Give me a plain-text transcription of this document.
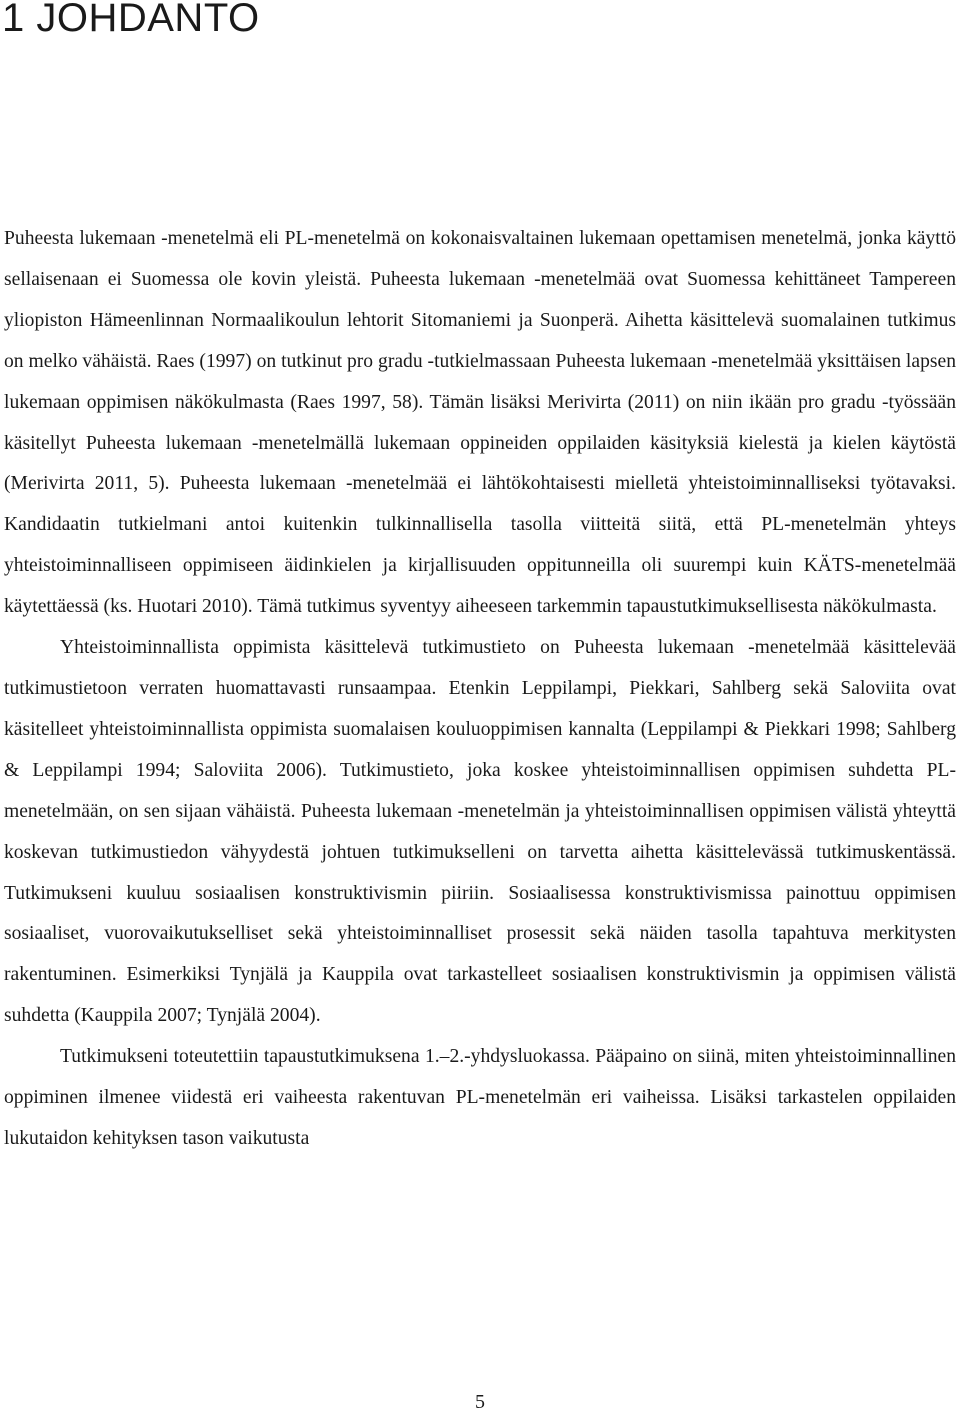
1 JOHDANTO

Puheesta lukemaan -menetelmä eli PL-menetelmä on kokonaisvaltainen lukemaan opettamisen menetelmä, jonka käyttö sellaisenaan ei Suomessa ole kovin yleistä. Puheesta lukemaan -menetelmää ovat Suomessa kehittäneet Tampereen yliopiston Hämeenlinnan Normaalikoulun lehtorit Sitomaniemi ja Suonperä. Aihetta käsittelevä suomalainen tutkimus on melko vähäistä. Raes (1997) on tutkinut pro gradu -tutkielmassaan Puheesta lukemaan -menetelmää yksittäisen lapsen lukemaan oppimisen näkökulmasta (Raes 1997, 58). Tämän lisäksi Merivirta (2011) on niin ikään pro gradu -työssään käsitellyt Puheesta lukemaan -menetelmällä lukemaan oppineiden oppilaiden käsityksiä kielestä ja kielen käytöstä (Merivirta 2011, 5). Puheesta lukemaan -menetelmää ei lähtökohtaisesti mielletä yhteistoiminnalliseksi työtavaksi. Kandidaatin tutkielmani antoi kuitenkin tulkinnallisella tasolla viitteitä siitä, että PL-menetelmän yhteys yhteistoiminnalliseen oppimiseen äidinkielen ja kirjallisuuden oppitunneilla oli suurempi kuin KÄTS-menetelmää käytettäessä (ks. Huotari 2010). Tämä tutkimus syventyy aiheeseen tarkemmin tapaustutkimuksellisesta näkökulmasta.

Yhteistoiminnallista oppimista käsittelevä tutkimustieto on Puheesta lukemaan -menetelmää käsittelevää tutkimustietoon verraten huomattavasti runsaampaa. Etenkin Leppilampi, Piekkari, Sahlberg sekä Saloviita ovat käsitelleet yhteistoiminnallista oppimista suomalaisen kouluoppimisen kannalta (Leppilampi & Piekkari 1998; Sahlberg & Leppilampi 1994; Saloviita 2006). Tutkimustieto, joka koskee yhteistoiminnallisen oppimisen suhdetta PL-menetelmään, on sen sijaan vähäistä. Puheesta lukemaan -menetelmän ja yhteistoiminnallisen oppimisen välistä yhteyttä koskevan tutkimustiedon vähyydestä johtuen tutkimukselleni on tarvetta aihetta käsittelevässä tutkimuskentässä. Tutkimukseni kuuluu sosiaalisen konstruktivismin piiriin. Sosiaalisessa konstruktivismissa painottuu oppimisen sosiaaliset, vuorovaikutukselliset sekä yhteistoiminnalliset prosessit sekä näiden tasolla tapahtuva merkitysten rakentuminen. Esimerkiksi Tynjälä ja Kauppila ovat tarkastelleet sosiaalisen konstruktivismin ja oppimisen välistä suhdetta (Kauppila 2007; Tynjälä 2004).

Tutkimukseni toteutettiin tapaustutkimuksena 1.‒2.-yhdysluokassa. Pääpaino on siinä, miten yhteistoiminnallinen oppiminen ilmenee viidestä eri vaiheesta rakentuvan PL-menetelmän eri vaiheissa. Lisäksi tarkastelen oppilaiden lukutaidon kehityksen tason vaikutusta

5
